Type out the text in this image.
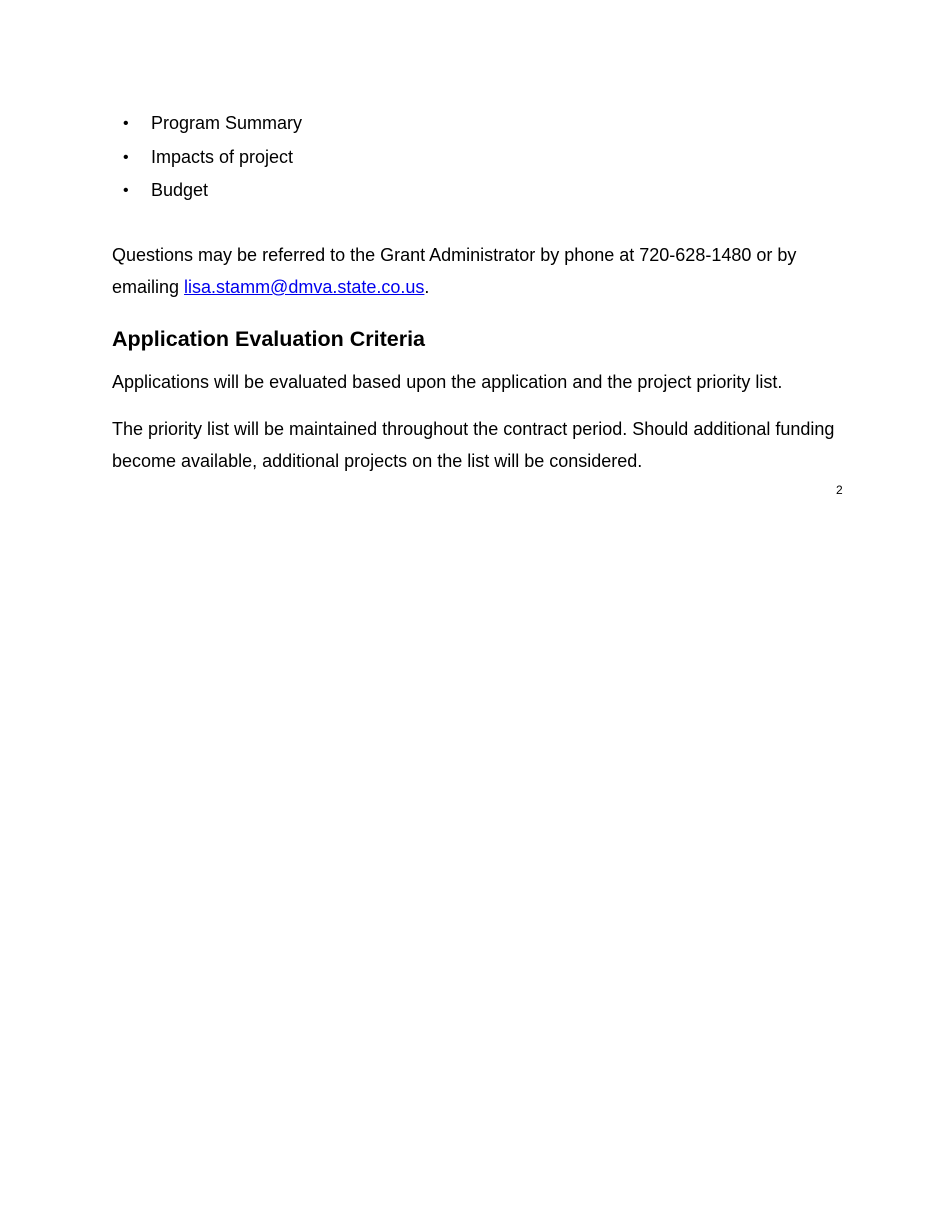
• Program Summary
• Impacts of project
• Budget

Questions may be referred to the Grant Administrator by phone at 720-628-1480 or by emailing lisa.stamm@dmva.state.co.us.

Application Evaluation Criteria

Applications will be evaluated based upon the application and the project priority list.

The priority list will be maintained throughout the contract period. Should additional funding become available, additional projects on the list will be considered.

2
